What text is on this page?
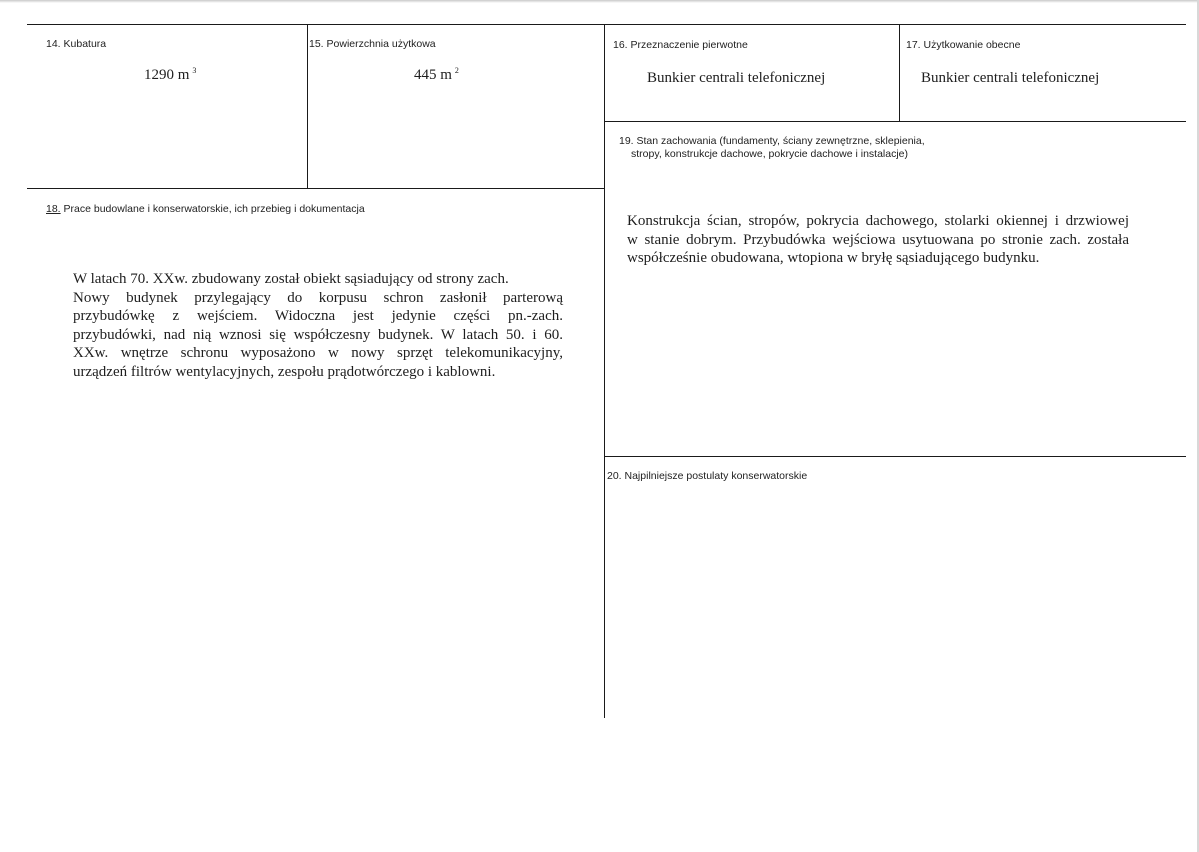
14. Kubatura
1290 m $^3$
15. Powierzchnia użytkowa
445 m $^2$
16. Przeznaczenie pierwotne
Bunkier centrali telefonicznej
17. Użytkowanie obecne
Bunkier centrali telefonicznej
18. Prace budowlane i konserwatorskie, ich przebieg i dokumentacja
W latach 70. XXw. zbudowany został obiekt sąsiadujący od strony zach.
Nowy budynek przylegający do korpusu schron zasłonił parterową
przybudówkę z wejściem. Widoczna jest jedynie części pn.-zach.
przybudówki, nad nią wznosi się współczesny budynek. W latach 50. i 60.
XXw. wnętrze schronu wyposażono w nowy sprzęt telekomunikacyjny,
urządzeń filtrów wentylacyjnych, zespołu prądotwórczego i kablowni.
19. Stan zachowania (fundamenty, ściany zewnętrzne, sklepienia,
stropy, konstrukcje dachowe, pokrycie dachowe i instalacje)
Konstrukcja ścian, stropów, pokrycia dachowego, stolarki okiennej i drzwiowej
w stanie dobrym. Przybudówka wejściowa usytuowana po stronie zach. została
współcześnie obudowana, wtopiona w bryłę sąsiadującego budynku.
20. Najpilniejsze postulaty konserwatorskie
